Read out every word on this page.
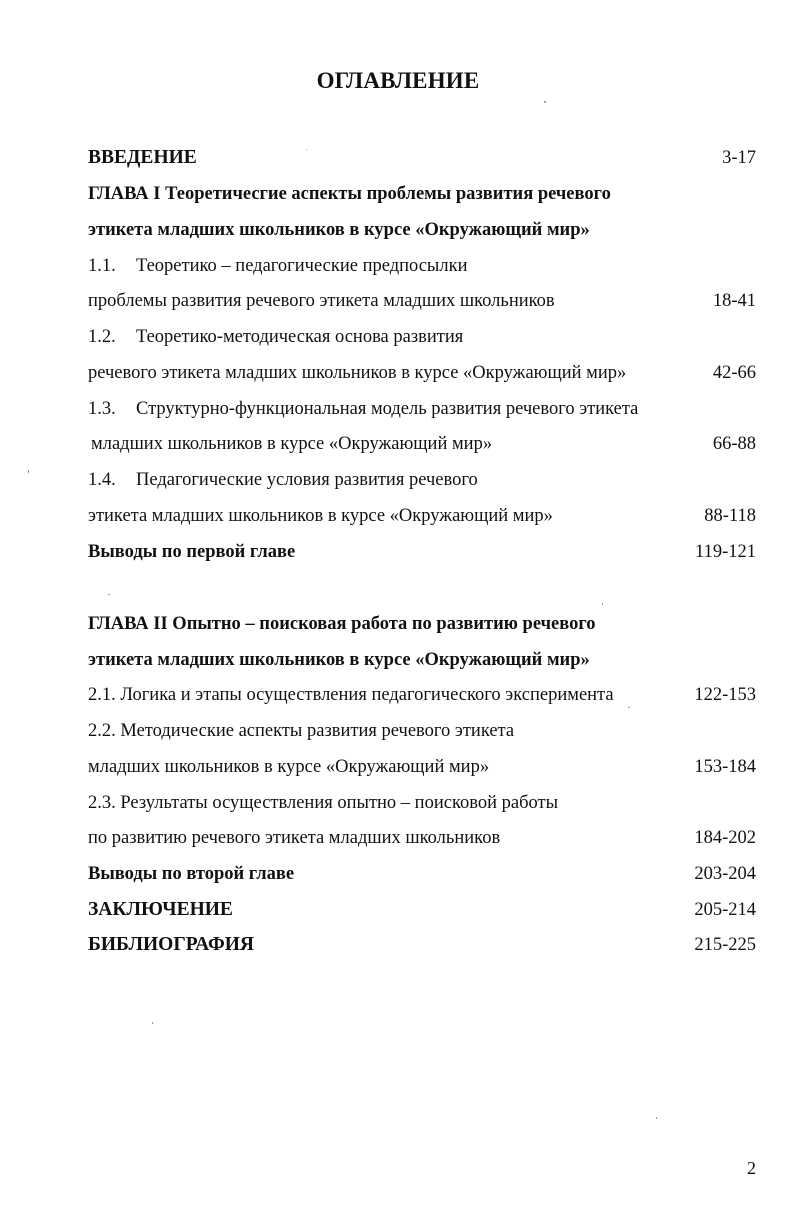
ОГЛАВЛЕНИЕ
ВВЕДЕНИЕ	3-17
ГЛАВА I Теоретичесгие аспекты проблемы развития речевого
этикета младших школьников в курсе «Окружающий мир»
1.1. Теоретико – педагогические предпосылки
проблемы развития речевого этикета младших школьников	18-41
1.2. Теоретико-методическая основа развития
речевого этикета младших школьников в курсе «Окружающий мир»	42-66
1.3. Структурно-функциональная модель развития речевого этикета
младших школьников в курсе «Окружающий мир»	66-88
1.4. Педагогические условия развития речевого
этикета младших школьников в курсе «Окружающий мир»	88-118
Выводы по первой главе	119-121
ГЛАВА II Опытно – поисковая работа по развитию речевого
этикета младших школьников в курсе «Окружающий мир»
2.1. Логика и этапы осуществления педагогического эксперимента	122-153
2.2. Методические аспекты развития речевого этикета
младших школьников в курсе «Окружающий мир»	153-184
2.3. Результаты осуществления опытно – поисковой работы
по развитию речевого этикета младших школьников	184-202
Выводы по второй главе	203-204
ЗАКЛЮЧЕНИЕ	205-214
БИБЛИОГРАФИЯ	215-225
2
